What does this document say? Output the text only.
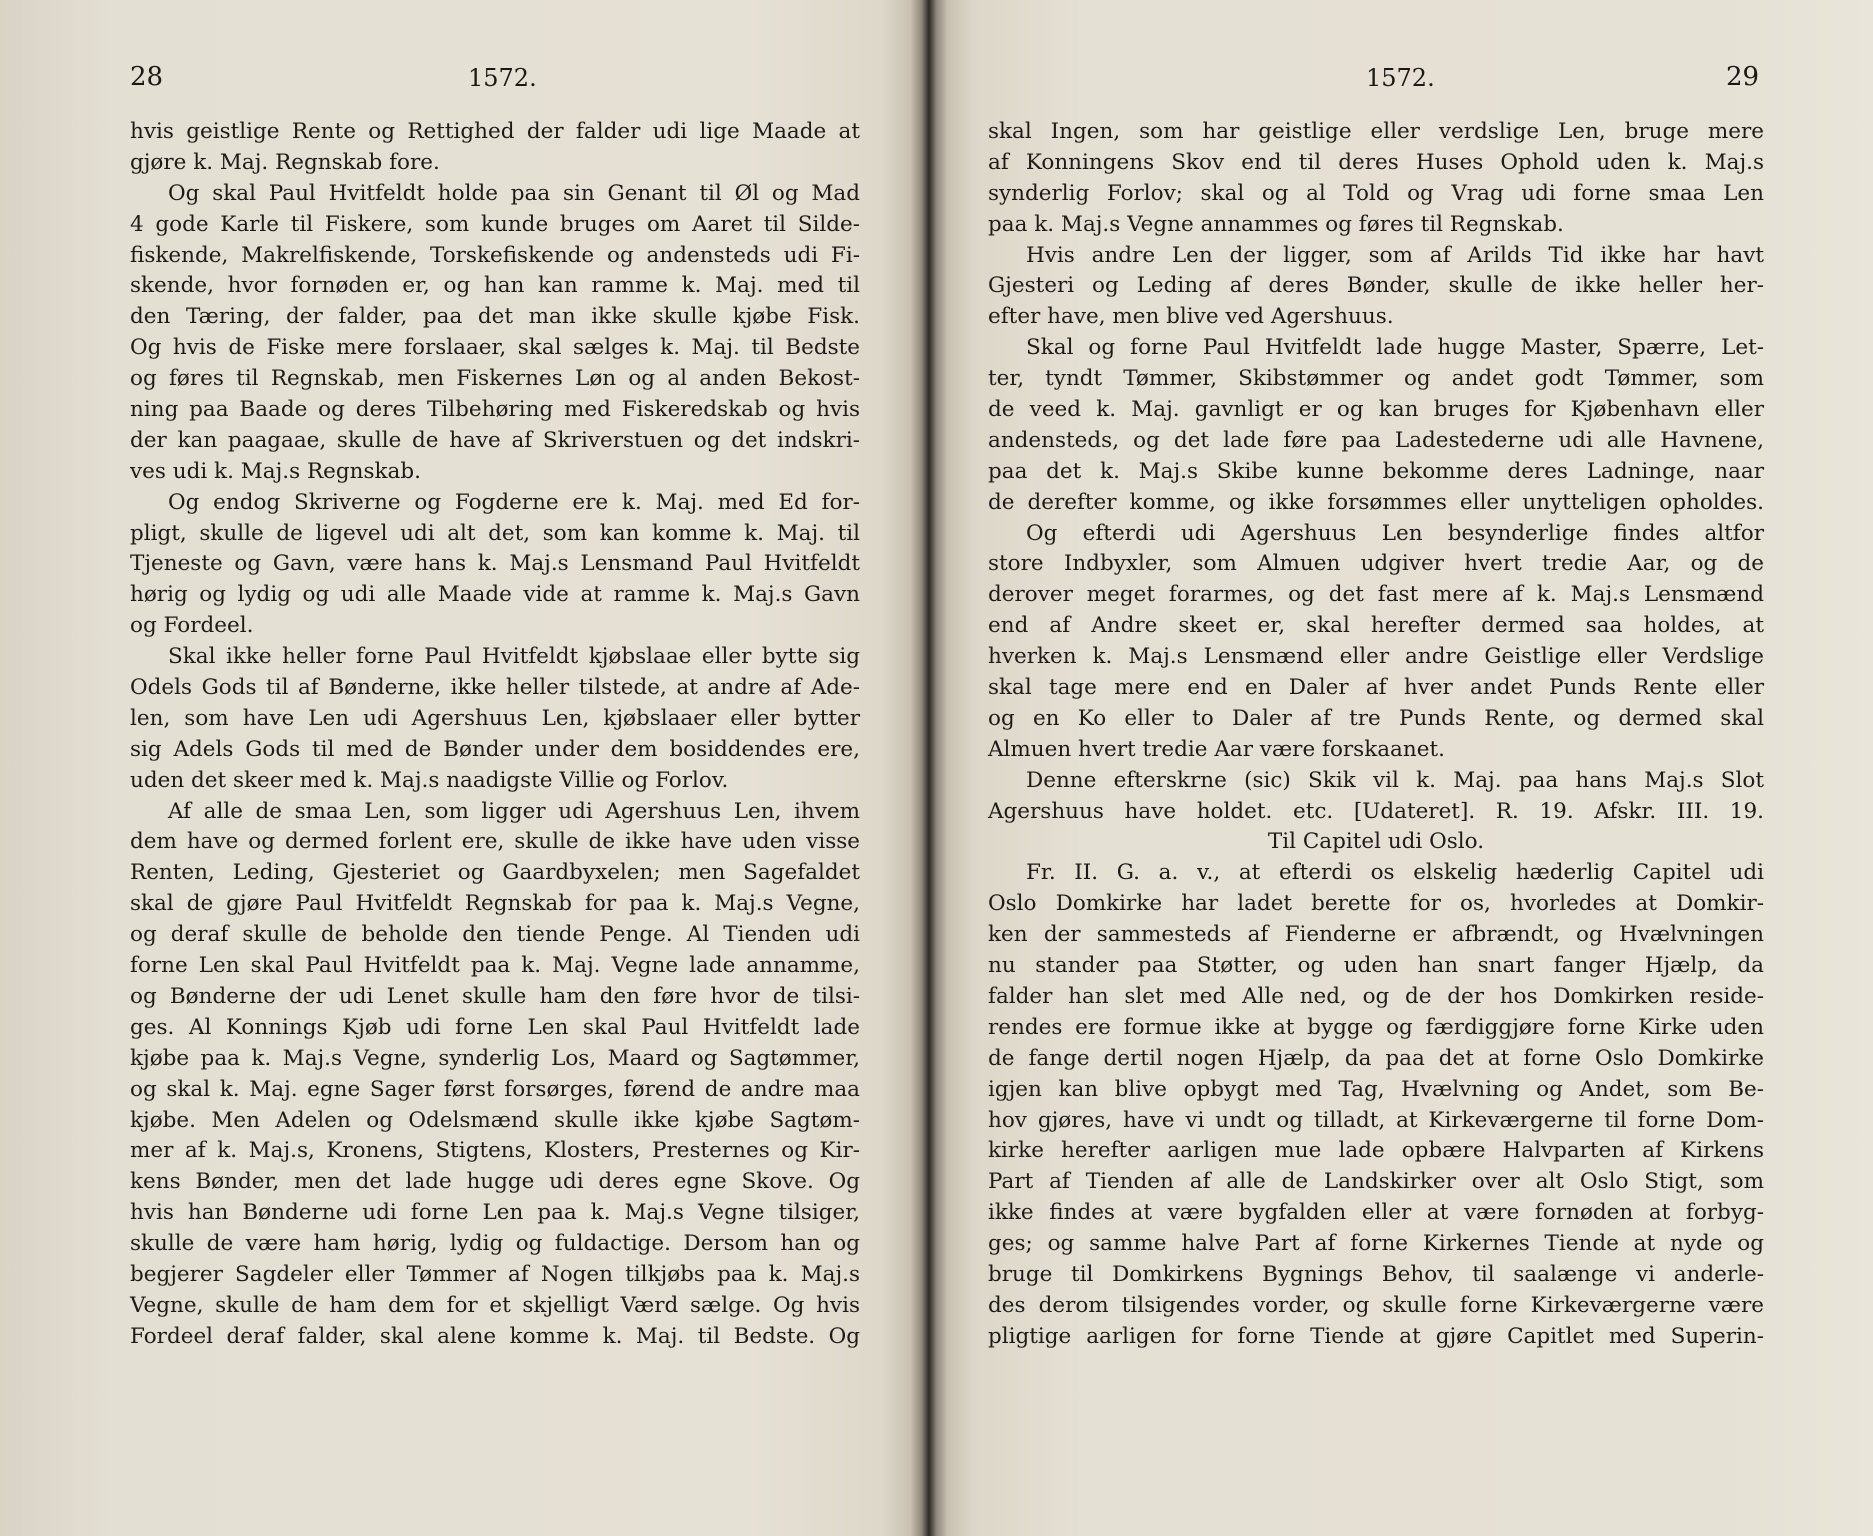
28	1572.
hvis geistlige Rente og Rettighed der falder udi lige Maade at
gjøre k. Maj. Regnskab fore.
Og skal Paul Hvitfeldt holde paa sin Genant til Øl og Mad
4 gode Karle til Fiskere, som kunde bruges om Aaret til Silde-
fiskende, Makrelfiskende, Torskefiskende og andensteds udi Fi-
skende, hvor fornøden er, og han kan ramme k. Maj. med til
den Tæring, der falder, paa det man ikke skulle kjøbe Fisk.
Og hvis de Fiske mere forslaaer, skal sælges k. Maj. til Bedste
og føres til Regnskab, men Fiskernes Løn og al anden Bekost-
ning paa Baade og deres Tilbehøring med Fiskeredskab og hvis
der kan paagaae, skulle de have af Skriverstuen og det indskri-
ves udi k. Maj.s Regnskab.
Og endog Skriverne og Fogderne ere k. Maj. med Ed for-
pligt, skulle de ligevel udi alt det, som kan komme k. Maj. til
Tjeneste og Gavn, være hans k. Maj.s Lensmand Paul Hvitfeldt
hørig og lydig og udi alle Maade vide at ramme k. Maj.s Gavn
og Fordeel.
Skal ikke heller forne Paul Hvitfeldt kjøbslaae eller bytte sig
Odels Gods til af Bønderne, ikke heller tilstede, at andre af Ade-
len, som have Len udi Agershuus Len, kjøbslaaer eller bytter
sig Adels Gods til med de Bønder under dem bosiddendes ere,
uden det skeer med k. Maj.s naadigste Villie og Forlov.
Af alle de smaa Len, som ligger udi Agershuus Len, ihvem
dem have og dermed forlent ere, skulle de ikke have uden visse
Renten, Leding, Gjesteriet og Gaardbyxelen; men Sagefaldet
skal de gjøre Paul Hvitfeldt Regnskab for paa k. Maj.s Vegne,
og deraf skulle de beholde den tiende Penge. Al Tienden udi
forne Len skal Paul Hvitfeldt paa k. Maj. Vegne lade annamme,
og Bønderne der udi Lenet skulle ham den føre hvor de tilsi-
ges. Al Konnings Kjøb udi forne Len skal Paul Hvitfeldt lade
kjøbe paa k. Maj.s Vegne, synderlig Los, Maard og Sagtømmer,
og skal k. Maj. egne Sager først forsørges, førend de andre maa
kjøbe. Men Adelen og Odelsmænd skulle ikke kjøbe Sagtøm-
mer af k. Maj.s, Kronens, Stigtens, Klosters, Presternes og Kir-
kens Bønder, men det lade hugge udi deres egne Skove. Og
hvis han Bønderne udi forne Len paa k. Maj.s Vegne tilsiger,
skulle de være ham hørig, lydig og fuldactige. Dersom han og
begjerer Sagdeler eller Tømmer af Nogen tilkjøbs paa k. Maj.s
Vegne, skulle de ham dem for et skjelligt Værd sælge. Og hvis
Fordeel deraf falder, skal alene komme k. Maj. til Bedste. Og
1572.	29
skal Ingen, som har geistlige eller verdslige Len, bruge mere
af Konningens Skov end til deres Huses Ophold uden k. Maj.s
synderlig Forlov; skal og al Told og Vrag udi forne smaa Len
paa k. Maj.s Vegne annammes og føres til Regnskab.
Hvis andre Len der ligger, som af Arilds Tid ikke har havt
Gjesteri og Leding af deres Bønder, skulle de ikke heller her-
efter have, men blive ved Agershuus.
Skal og forne Paul Hvitfeldt lade hugge Master, Spærre, Let-
ter, tyndt Tømmer, Skibstømmer og andet godt Tømmer, som
de veed k. Maj. gavnligt er og kan bruges for Kjøbenhavn eller
andensteds, og det lade føre paa Ladestederne udi alle Havnene,
paa det k. Maj.s Skibe kunne bekomme deres Ladninge, naar
de derefter komme, og ikke forsømmes eller unytteligen opholdes.
Og efterdi udi Agershuus Len besynderlige findes altfor
store Indbyxler, som Almuen udgiver hvert tredie Aar, og de
derover meget forarmes, og det fast mere af k. Maj.s Lensmænd
end af Andre skeet er, skal herefter dermed saa holdes, at
hverken k. Maj.s Lensmænd eller andre Geistlige eller Verdslige
skal tage mere end en Daler af hver andet Punds Rente eller
og en Ko eller to Daler af tre Punds Rente, og dermed skal
Almuen hvert tredie Aar være forskaanet.
Denne efterskrne (sic) Skik vil k. Maj. paa hans Maj.s Slot
Agershuus have holdet. etc. [Udateret]. R. 19. Afskr. III. 19.
Til Capitel udi Oslo.
Fr. II. G. a. v., at efterdi os elskelig hæderlig Capitel udi
Oslo Domkirke har ladet berette for os, hvorledes at Domkir-
ken der sammesteds af Fienderne er afbrændt, og Hvælvningen
nu stander paa Støtter, og uden han snart fanger Hjælp, da
falder han slet med Alle ned, og de der hos Domkirken reside-
rendes ere formue ikke at bygge og færdiggjøre forne Kirke uden
de fange dertil nogen Hjælp, da paa det at forne Oslo Domkirke
igjen kan blive opbygt med Tag, Hvælvning og Andet, som Be-
hov gjøres, have vi undt og tilladt, at Kirkeværgerne til forne Dom-
kirke herefter aarligen mue lade opbære Halvparten af Kirkens
Part af Tienden af alle de Landskirker over alt Oslo Stigt, som
ikke findes at være bygfalden eller at være fornøden at forbyg-
ges; og samme halve Part af forne Kirkernes Tiende at nyde og
bruge til Domkirkens Bygnings Behov, til saalænge vi anderle-
des derom tilsigendes vorder, og skulle forne Kirkeværgerne være
pligtige aarligen for forne Tiende at gjøre Capitlet med Superin-
